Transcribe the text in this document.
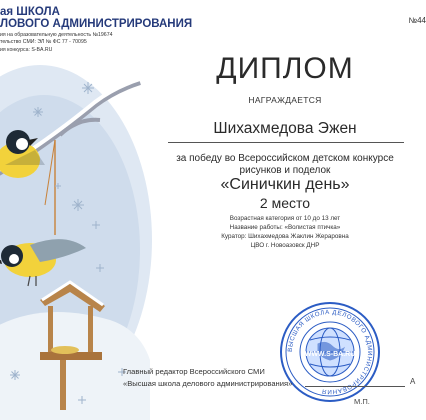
ая ШКОЛА
ЛОВОГО АДМИНИСТРИРОВАНИЯ
ия на образовательную деятельность №19674
тельство СМИ: ЭЛ № ФС 77 - 70095
ия конкурса: S-BA.RU
№44
ДИПЛОМ
НАГРАЖДАЕТСЯ
Шихахмедова Эжен
за победу во Всероссийском детском конкурсе
рисунков и поделок
«Синичкин день»
2 место
Возрастная категория от 10 до 13 лет
Название работы: «Волистая птичка»
Куратор: Шихахмедова Жаклин Жераровна
ЦВО г. Новоазовск ДНР
ВЫСШАЯ ШКОЛА ДЕЛОВОГО АДМИНИСТРИРОВАНИЯ
WWW.S-BA.RU
Главный редактор Всероссийского СМИ
«Высшая школа делового администрирования»	А
М.П.
